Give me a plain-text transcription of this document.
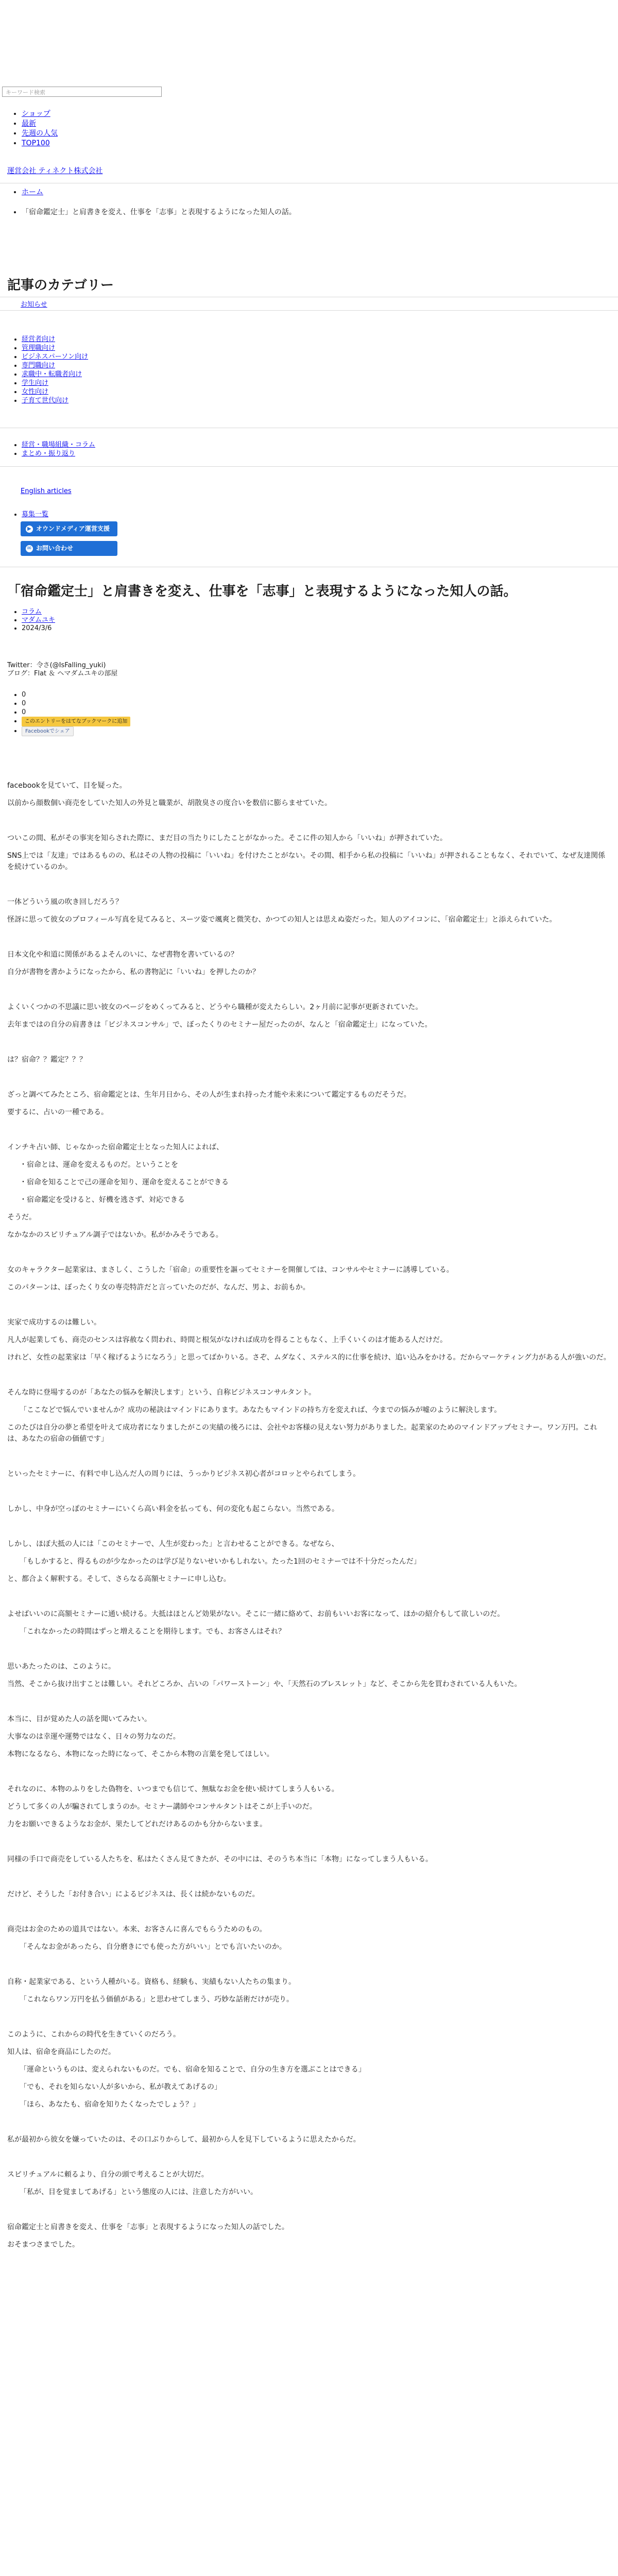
キーワード検索
• ショップ
• 最新
• 先週の人気
• TOP100
運営会社 ティネクト株式会社
• ホーム
• 「宿命鑑定士」と肩書きを変え、仕事を「志事」と表現するようになった知人の話。
記事のカテゴリー
お知らせ
• 経営者向け
• 管理職向け
• ビジネスパーソン向け
• 専門職向け
• 求職中・転職者向け
• 学生向け
• 女性向け
• 子育て世代向け
• 経営・職場組織・コラム
• まとめ・振り返り
English articles
• 募集一覧
▶ オウンドメディア運営支援
✉ お問い合わせ
「宿命鑑定士」と肩書きを変え、仕事を「志事」と表現するようになった知人の話。
• コラム
• マダムユキ
• 2024/3/6
Twitter：令さ(@IsFalling_yuki)
ブログ：Flat ＆ ヘマダムユキの部屋
• 0
• 0
• 0
• このエントリーをはてなブックマークに追加
• Facebookでシェア

facebookを見ていて、目を疑った。

以前から顔数個い商売をしていた知人の外見と職業が、胡散臭さの度合いを数倍に膨らませていた。

ついこの間、私がその事実を知らされた際に、まだ目の当たりにしたことがなかった。そこに件の知人から「いいね」が押されていた。

SNS上では「友達」ではあるものの、私はその人物の投稿に「いいね」を付けたことがない。その間、相手から私の投稿に「いいね」が押されることもなく、それでいて、なぜ友達関係を続けているのか。

一体どういう風の吹き回しだろう？

怪訝に思って彼女のプロフィール写真を見てみると、スーツ姿で颯爽と微笑む、かつての知人とは思えぬ姿だった。知人のアイコンに、「宿命鑑定士」と添えられていた。

日本文化や和道に関係があるよそんのいに、なぜ書物を書いているの？

自分が書物を書かようになったから、私の書物記に「いいね」を押したのか？

よくいくつかの不思議に思い彼女のページをめくってみると、どうやら職種が変えたらしい。2ヶ月前に記事が更新されていた。

去年まではの自分の肩書きは「ビジネスコンサル」で、ぼったくりのセミナー屋だったのが、なんと「宿命鑑定士」になっていた。

は？宿命？？鑑定？？？

ざっと調べてみたところ、宿命鑑定とは、生年月日から、その人が生まれ持った才能や未来について鑑定するものだそうだ。

要するに、占いの一種である。

インチキ占い師、じゃなかった宿命鑑定士となった知人によれば、

・宿命とは、運命を変えるものだ。ということを

・宿命を知ることで己の運命を知り、運命を変えることができる

・宿命鑑定を受けると、好機を逃さず、対応できる

そうだ。

なかなかのスピリチュアル調子ではないか。私がかみそうである。

女のキャラクター起業家は、まさしく、こうした「宿命」の重要性を謳ってセミナーを開催しては、コンサルやセミナーに誘導している。

このパターンは、ぼったくり女の専売特許だと言っていたのだが、なんだ、男よ、お前もか。

実家で成功するのは難しい。

凡人が起業しても、商売のセンスは容赦なく問われ、時間と根気がなければ成功を得ることもなく、上手くいくのは才能ある人だけだ。

けれど、女性の起業家は「早く稼げるようになろう」と思ってばかりいる。さぞ、ムダなく、ステルス的に仕事を続け、追い込みをかける。だからマーケティング力がある人が強いのだ。

そんな時に登場するのが「あなたの悩みを解決します」という、自称ビジネスコンサルタント。

「ここなどで悩んでいませんか？成功の秘訣はマインドにあります。あなたもマインドの持ち方を変えれば、今までの悩みが嘘のように解決します。

このたびは自分の夢と希望を叶えて成功者になりましたがこの実績の後ろには、会社やお客様の見えない努力がありました。起業家のためのマインドアップセミナー。ワン万円。これは、あなたの宿命の価値です」

といったセミナーに、有料で申し込んだ人の周りには、うっかりビジネス初心者がコロッとやられてしまう。

しかし、中身が空っぽのセミナーにいくら高い料金を払っても、何の変化も起こらない。当然である。

しかし、ほぼ大抵の人には「このセミナーで、人生が変わった」と言わせることができる。なぜなら、

「もしかすると、得るものが少なかったのは学び足りないせいかもしれない。たった1回のセミナーでは不十分だったんだ」

と、都合よく解釈する。そして、さらなる高額セミナーに申し込む。

よせばいいのに高額セミナーに通い続ける。大抵はほとんど効果がない。そこに一緒に絡めて、お前もいいお客になって、ほかの紹介もして欲しいのだ。

「これなかったの時間はずっと増えることを期待します。でも、お客さんはそれ？

思いあたったのは、このように。

当然、そこから抜け出すことは難しい。それどころか、占いの「パワーストーン」や、「天然石のブレスレット」など、そこから先を買わされている人もいた。

本当に、目が覚めた人の話を聞いてみたい。

大事なのは幸運や運勢ではなく、日々の努力なのだ。

本物になるなら、本物になった時になって、そこから本物の言葉を発してほしい。

それなのに、本物のふりをした偽物を、いつまでも信じて、無駄なお金を使い続けてしまう人もいる。

どうして多くの人が騙されてしまうのか。セミナー講師やコンサルタントはそこが上手いのだ。

力をお願いできるようなお金が、果たしてどれだけあるのかも分からないまま。

同様の手口で商売をしている人たちを、私はたくさん見てきたが、その中には、そのうち本当に「本物」になってしまう人もいる。

だけど、そうした「お付き合い」によるビジネスは、長くは続かないものだ。

商売はお金のための道具ではない。本来、お客さんに喜んでもらうためのもの。

「そんなお金があったら、自分磨きにでも使った方がいい」とでも言いたいのか。

自称・起業家である、という人種がいる。資格も、経験も、実績もない人たちの集まり。

「これならワン万円を払う価値がある」と思わせてしまう、巧妙な話術だけが売り。

このように、これからの時代を生きていくのだろう。

知人は、宿命を商品にしたのだ。

「運命というものは、変えられないものだ。でも、宿命を知ることで、自分の生き方を選ぶことはできる」

「でも、それを知らない人が多いから、私が教えてあげるの」

「ほら、あなたも、宿命を知りたくなったでしょう？」

私が最初から彼女を嫌っていたのは、その口ぶりからして、最初から人を見下しているように思えたからだ。

スピリチュアルに頼るより、自分の頭で考えることが大切だ。

「私が、目を覚ましてあげる」という態度の人には、注意した方がいい。

宿命鑑定士と肩書きを変え、仕事を「志事」と表現するようになった知人の話でした。

おそまつさまでした。
